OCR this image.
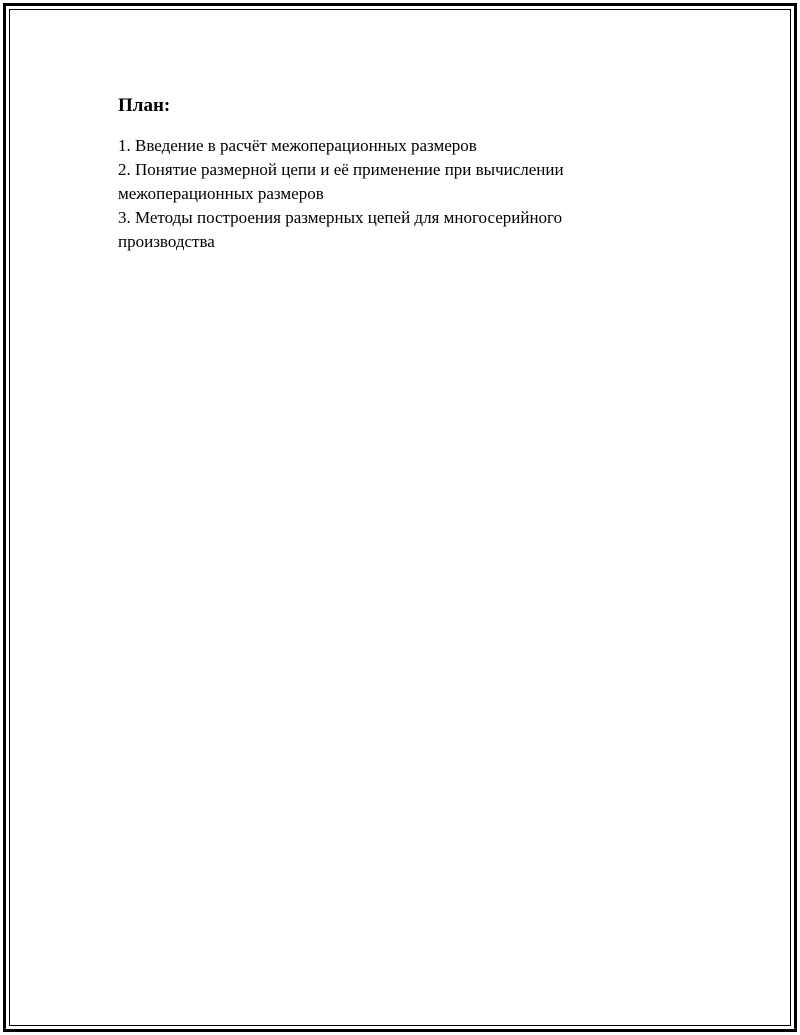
План:
1. Введение в расчёт межоперационных размеров
2. Понятие размерной цепи и её применение при вычислении межоперационных размеров
3. Методы построения размерных цепей для многосерийного производства
